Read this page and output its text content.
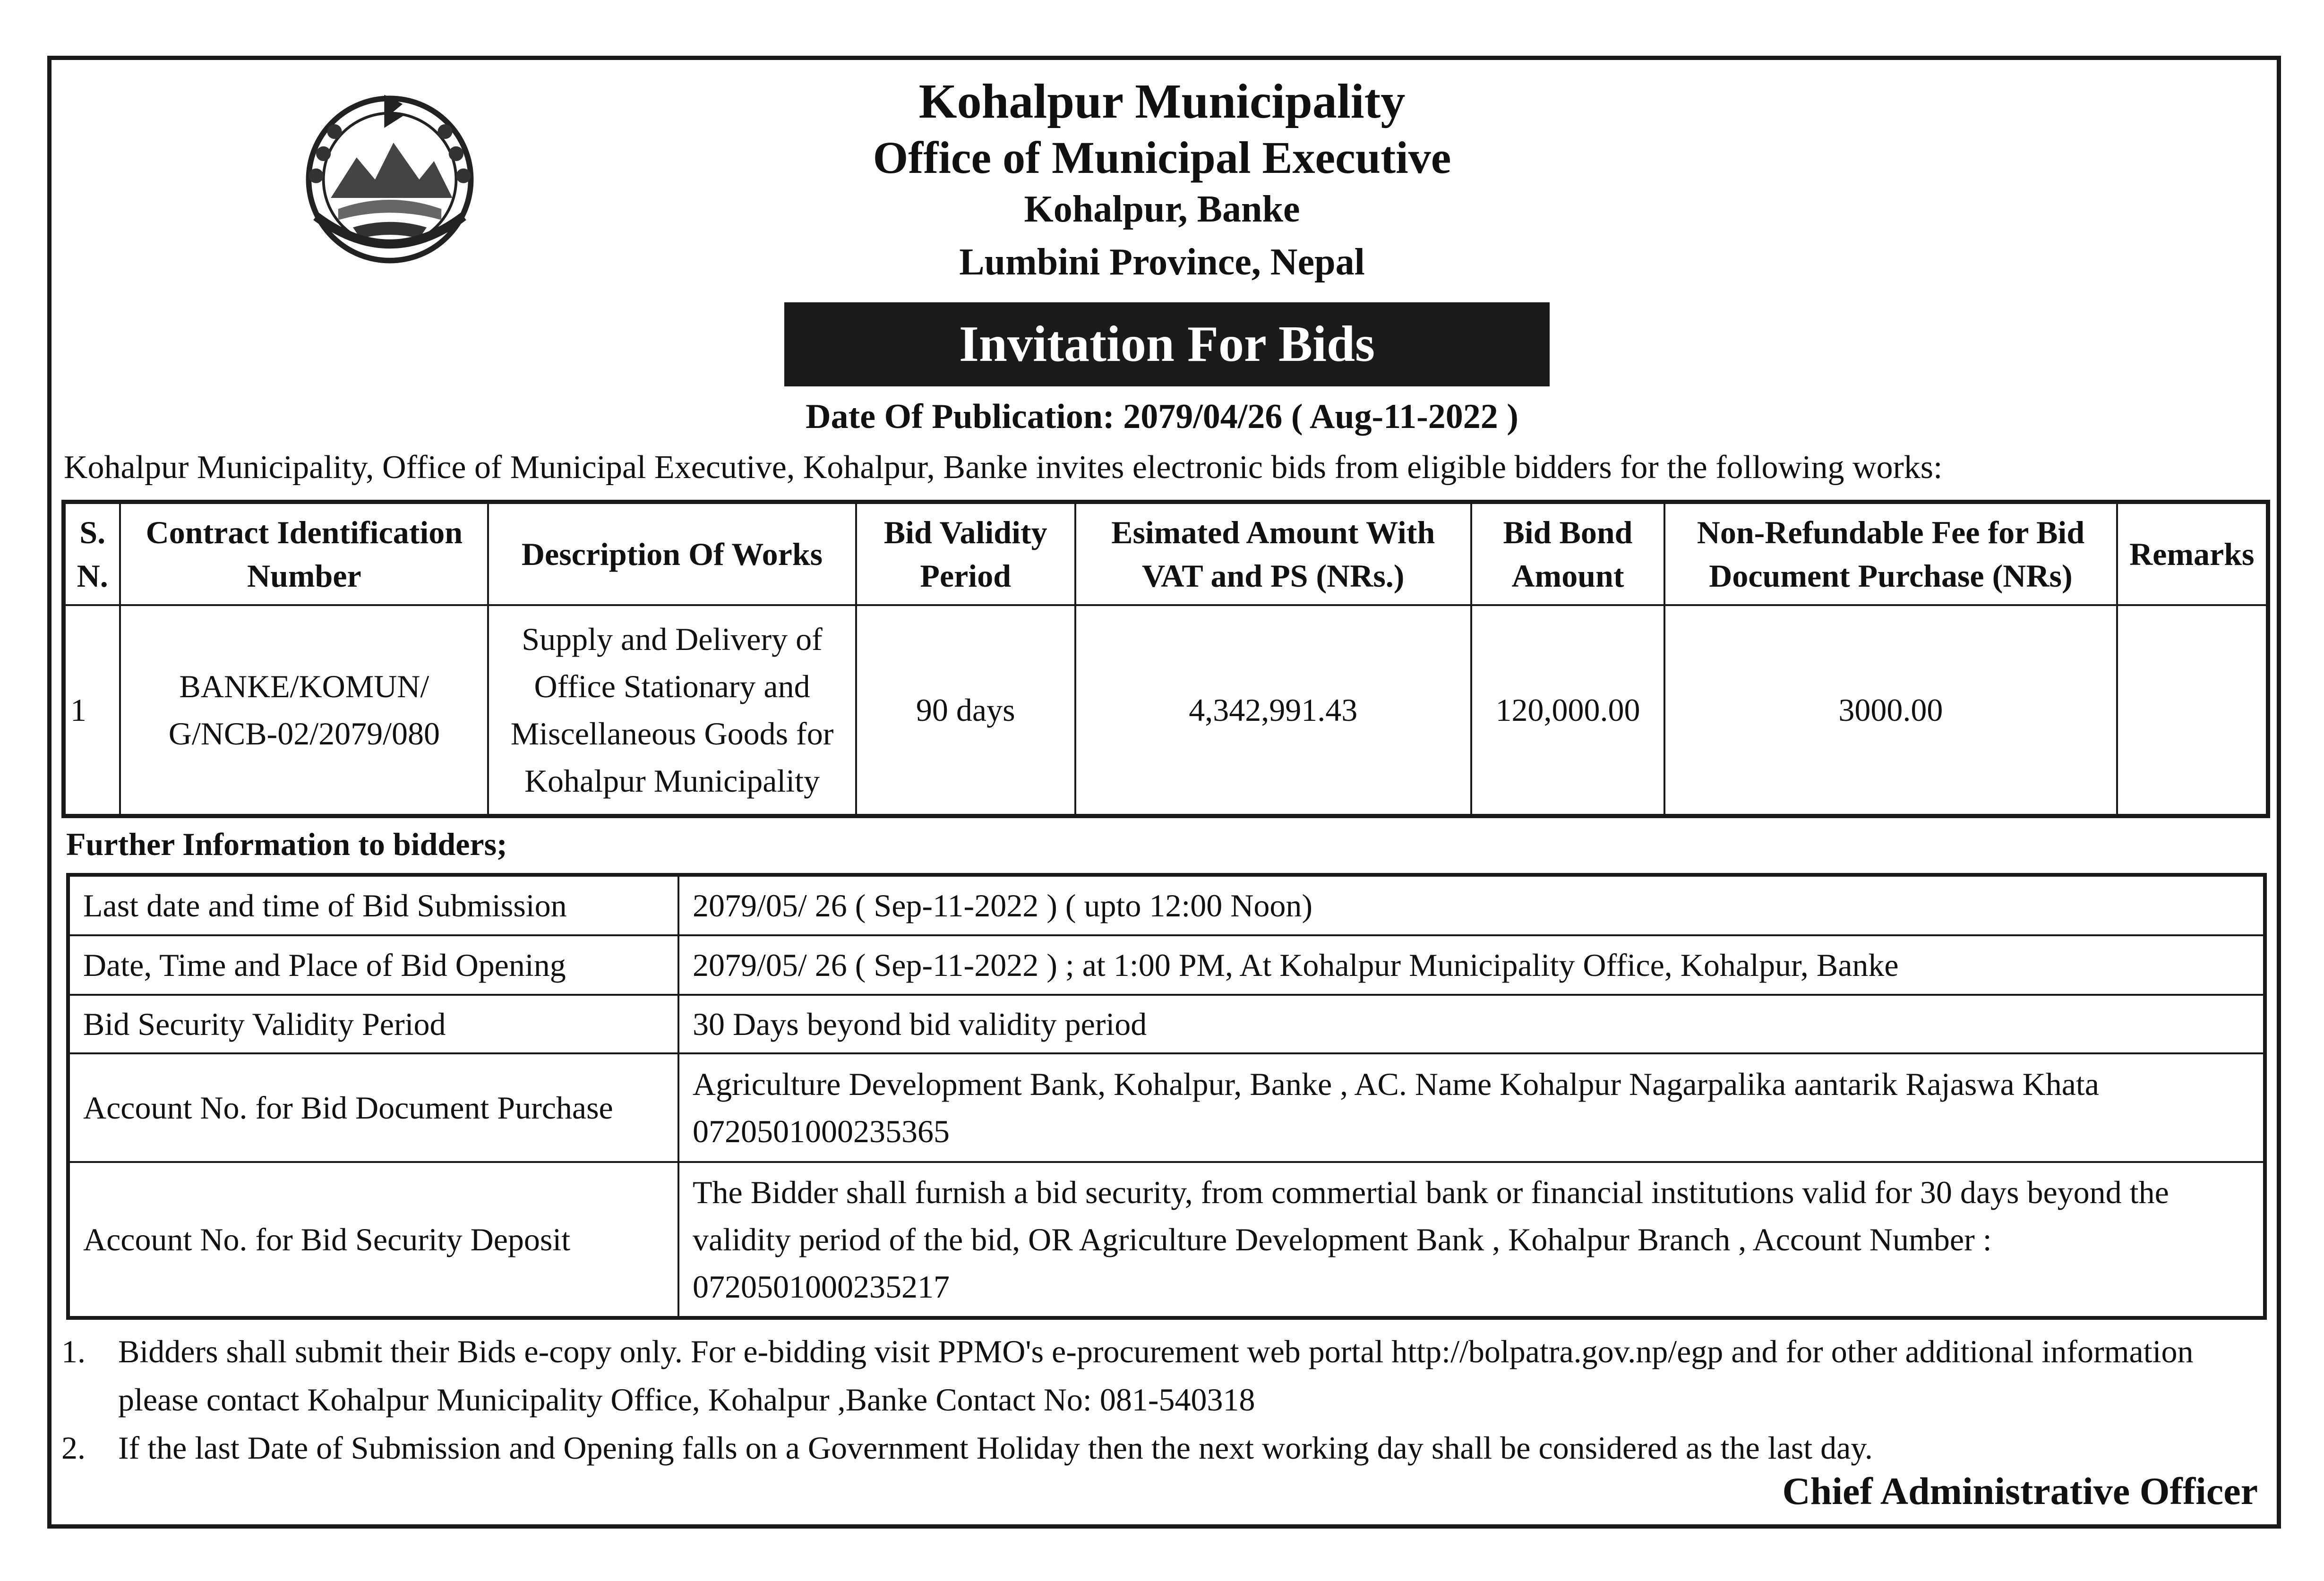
Kohalpur Municipality
Office of Municipal Executive
Kohalpur, Banke
Lumbini Province, Nepal
Invitation For Bids
Date Of Publication: 2079/04/26 ( Aug-11-2022 )
Kohalpur Municipality, Office of Municipal Executive, Kohalpur, Banke invites electronic bids from eligible bidders for the following works:
S. N.	Contract Identification Number	Description Of Works	Bid Validity Period	Esimated Amount With VAT and PS (NRs.)	Bid Bond Amount	Non-Refundable Fee for Bid Document Purchase (NRs)	Remarks
1	BANKE/KOMUN/ G/NCB-02/2079/080	Supply and Delivery of Office Stationary and Miscellaneous Goods for Kohalpur Municipality	90 days	4,342,991.43	120,000.00	3000.00	
Further Information to bidders;
Last date and time of Bid Submission	2079/05/ 26 ( Sep-11-2022 ) ( upto 12:00 Noon)
Date, Time and Place of Bid Opening	2079/05/ 26 ( Sep-11-2022 ) ; at 1:00 PM, At Kohalpur Municipality Office, Kohalpur, Banke
Bid Security Validity Period	30 Days beyond bid validity period
Account No. for Bid Document Purchase	Agriculture Development Bank, Kohalpur, Banke , AC. Name Kohalpur Nagarpalika aantarik Rajaswa Khata 0720501000235365
Account No. for Bid Security Deposit	The Bidder shall furnish a bid security, from commertial bank or financial institutions valid for 30 days beyond the validity period of the bid, OR Agriculture Development Bank , Kohalpur Branch , Account Number : 0720501000235217
1. Bidders shall submit their Bids e-copy only. For e-bidding visit PPMO's e-procurement web portal http://bolpatra.gov.np/egp and for other additional information please contact Kohalpur Municipality Office, Kohalpur ,Banke Contact No: 081-540318
2. If the last Date of Submission and Opening falls on a Government Holiday then the next working day shall be considered as the last day.
Chief Administrative Officer
